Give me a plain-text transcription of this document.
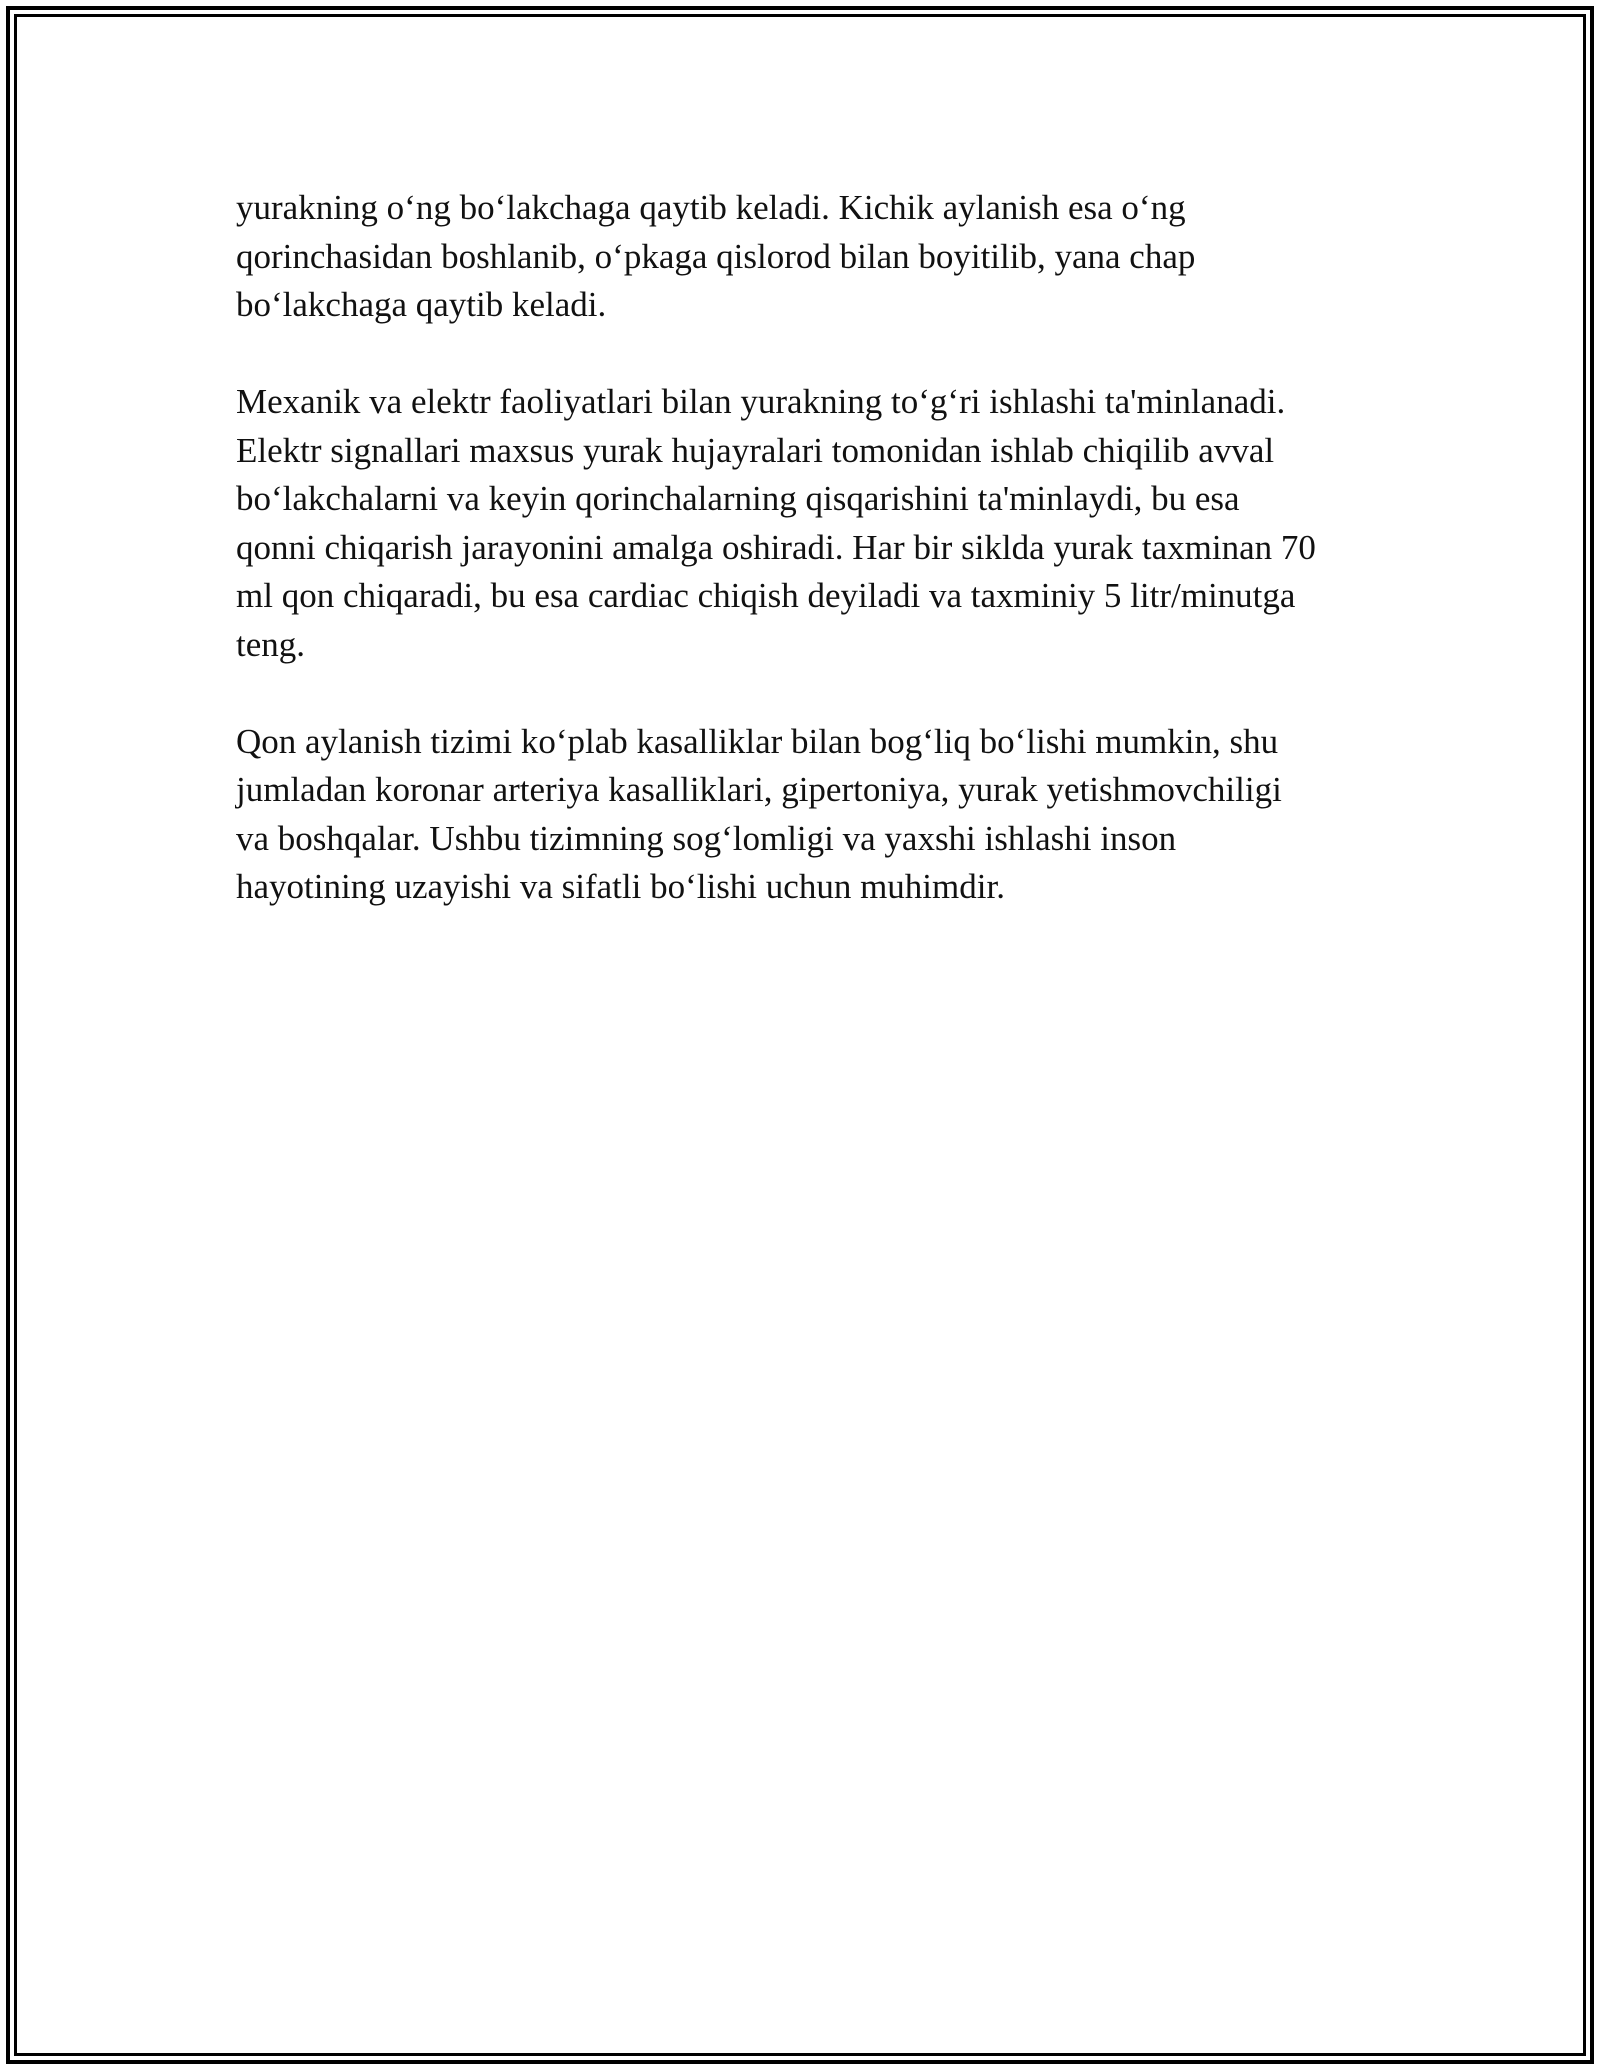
yurakning o‘ng bo‘lakchaga qaytib keladi. Kichik aylanish esa o‘ng
qorinchasidan boshlanib, o‘pkaga qislorod bilan boyitilib, yana chap
bo‘lakchaga qaytib keladi.

Mexanik va elektr faoliyatlari bilan yurakning to‘g‘ri ishlashi ta'minlanadi.
Elektr signallari maxsus yurak hujayralari tomonidan ishlab chiqilib avval
bo‘lakchalarni va keyin qorinchalarning qisqarishini ta'minlaydi, bu esa
qonni chiqarish jarayonini amalga oshiradi. Har bir siklda yurak taxminan 70
ml qon chiqaradi, bu esa cardiac chiqish deyiladi va taxminiy 5 litr/minutga
teng.

Qon aylanish tizimi ko‘plab kasalliklar bilan bog‘liq bo‘lishi mumkin, shu
jumladan koronar arteriya kasalliklari, gipertoniya, yurak yetishmovchiligi
va boshqalar. Ushbu tizimning sog‘lomligi va yaxshi ishlashi inson
hayotining uzayishi va sifatli bo‘lishi uchun muhimdir.
